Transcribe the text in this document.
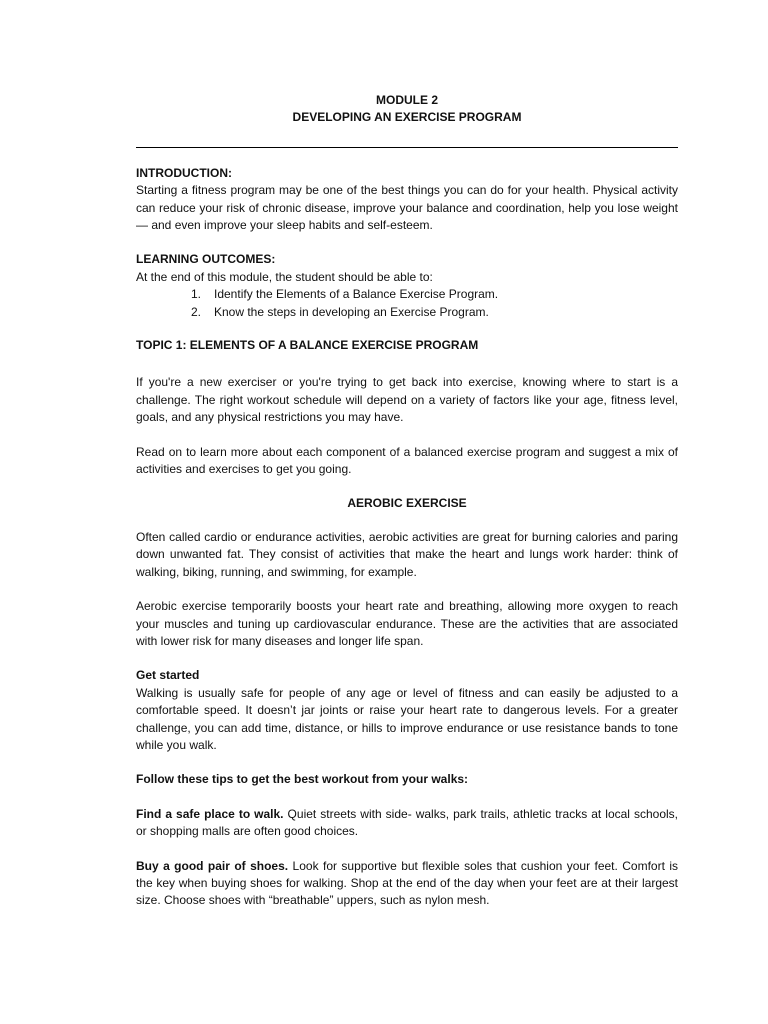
MODULE 2

DEVELOPING AN EXERCISE PROGRAM

INTRODUCTION:

Starting a fitness program may be one of the best things you can do for your health. Physical activity can reduce your risk of chronic disease, improve your balance and coordination, help you lose weight — and even improve your sleep habits and self-esteem.

LEARNING OUTCOMES:

At the end of this module, the student should be able to:

1.	Identify the Elements of a Balance Exercise Program.
2.	Know the steps in developing an Exercise Program.

TOPIC 1: ELEMENTS OF A BALANCE EXERCISE PROGRAM

If you're a new exerciser or you're trying to get back into exercise, knowing where to start is a challenge. The right workout schedule will depend on a variety of factors like your age, fitness level, goals, and any physical restrictions you may have.

Read on to learn more about each component of a balanced exercise program and suggest a mix of activities and exercises to get you going.

AEROBIC EXERCISE

Often called cardio or endurance activities, aerobic activities are great for burning calories and paring down unwanted fat. They consist of activities that make the heart and lungs work harder: think of walking, biking, running, and swimming, for example.

Aerobic exercise temporarily boosts your heart rate and breathing, allowing more oxygen to reach your muscles and tuning up cardiovascular endurance. These are the activities that are associated with lower risk for many diseases and longer life span.

Get started

Walking is usually safe for people of any age or level of fitness and can easily be adjusted to a comfortable speed. It doesn’t jar joints or raise your heart rate to dangerous levels. For a greater challenge, you can add time, distance, or hills to improve endurance or use resistance bands to tone while you walk.

Follow these tips to get the best workout from your walks:

Find a safe place to walk. Quiet streets with side- walks, park trails, athletic tracks at local schools, or shopping malls are often good choices.

Buy a good pair of shoes. Look for supportive but flexible soles that cushion your feet. Comfort is the key when buying shoes for walking. Shop at the end of the day when your feet are at their largest size. Choose shoes with “breathable” uppers, such as nylon mesh.
